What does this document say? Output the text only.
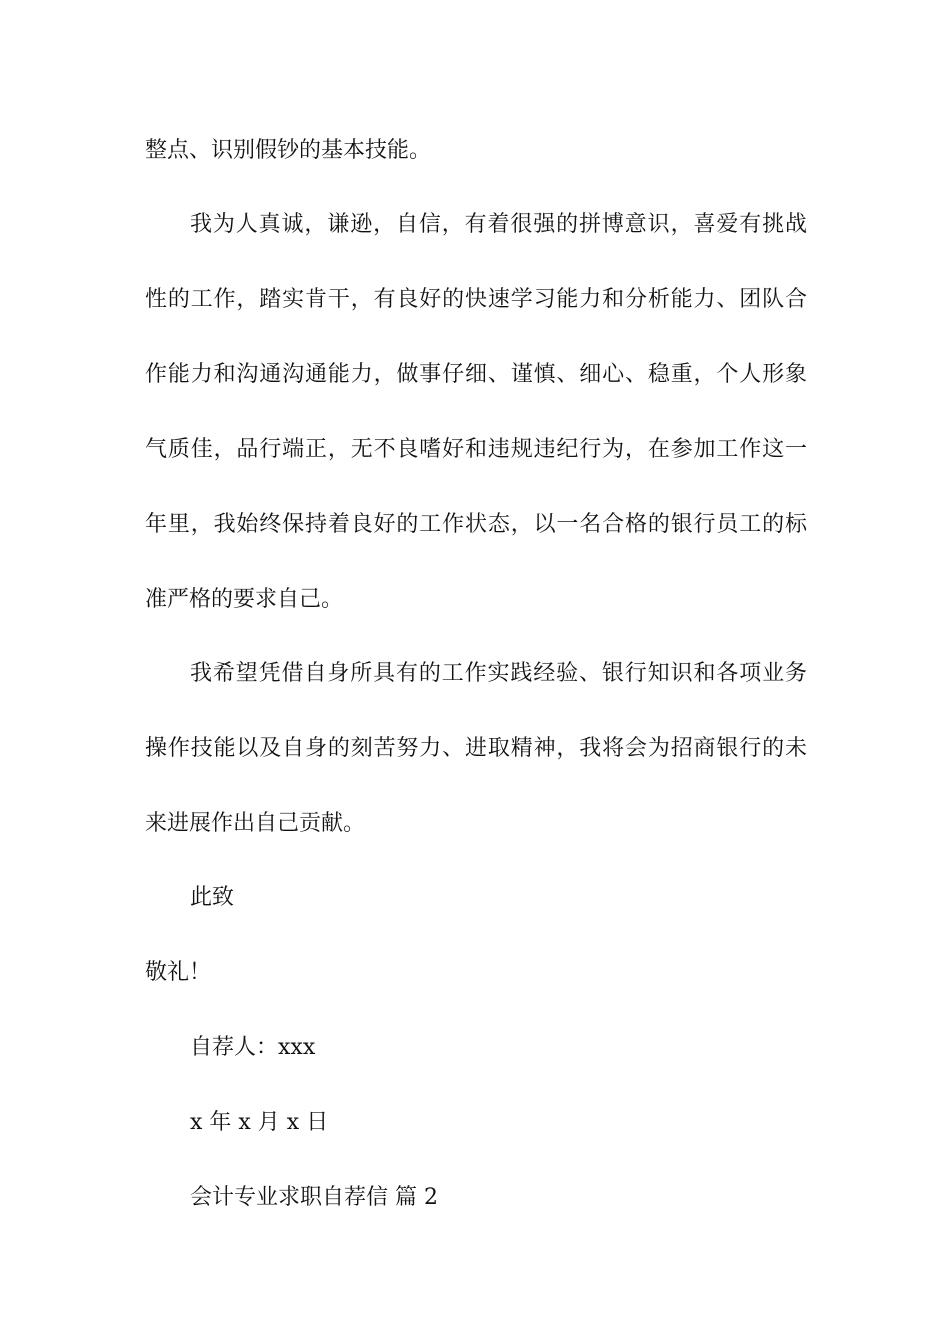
整点、识别假钞的基本技能。
我为人真诚，谦逊，自信，有着很强的拼博意识，喜爱有挑战
性的工作，踏实肯干，有良好的快速学习能力和分析能力、团队合
作能力和沟通沟通能力，做事仔细、谨慎、细心、稳重，个人形象
气质佳，品行端正，无不良嗜好和违规违纪行为，在参加工作这一
年里，我始终保持着良好的工作状态，以一名合格的银行员工的标
准严格的要求自己。
我希望凭借自身所具有的工作实践经验、银行知识和各项业务
操作技能以及自身的刻苦努力、进取精神，我将会为招商银行的未
来进展作出自己贡献。
此致
敬礼！
自荐人：xxx
x 年 x 月 x 日
会计专业求职自荐信 篇 2
